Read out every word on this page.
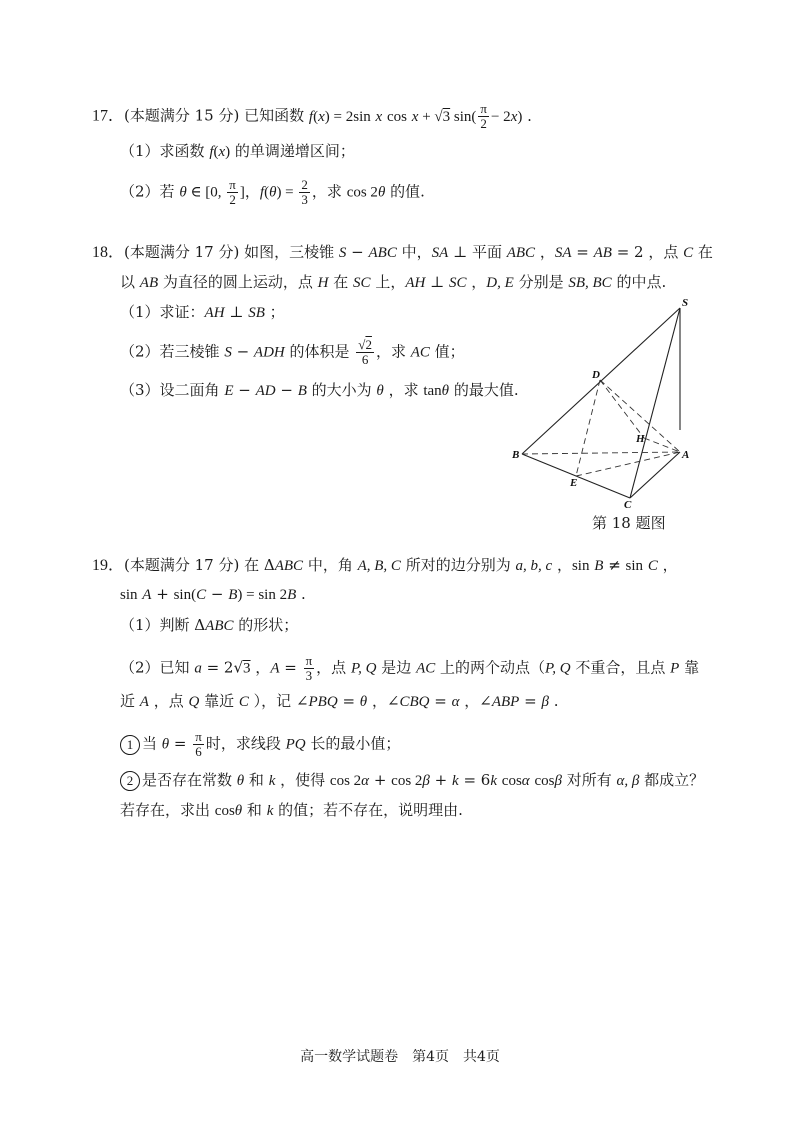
17．(本题满分 15 分) 已知函数 f(x) = 2sin x cos x + √3 $\sin( \frac{\pi}{2} - 2x)$ .
（1）求函数 f(x) 的单调递增区间；
（2）若 θ ∈ [0, $\frac{\pi}{2}$ ]，$f(\theta) = \frac{2}{3}$ ，求 cos 2θ 的值.
18．(本题满分 17 分) 如图，三棱锥 S − ABC 中，SA ⊥ 平面 ABC ，SA = AB = 2 ，点 C 在
以 AB 为直径的圆上运动，点 H 在 SC 上，AH ⊥ SC ，D, E 分别是 SB, BC 的中点.
（1）求证：AH ⊥ SB ；
（2）若三棱锥 S − ADH 的体积是 $\frac{√2}{6}$ ，求 AC 值；
（3）设二面角 E − AD − B 的大小为 θ ，求 tanθ 的最大值.
S
D
H
B	A
E
C
第 18 题图
19．(本题满分 17 分) 在 ΔABC 中，角 A, B, C 所对的边分别为 a, b, c ，sin B ≠ sin C ，
sin A + sin(C − B) = sin 2B .
（1）判断 ΔABC 的形状；
（2）已知 a = 2√3 ，$A = \frac{\pi}{3}$ ，点 P, Q 是边 AC 上的两个动点（P, Q 不重合，且点 P 靠
近 A ，点 Q 靠近 C ），记 ∠PBQ = θ ，∠CBQ = α ，∠ABP = β .
1 当 $\theta = \frac{\pi}{6}$ 时，求线段 PQ 长的最小值；
2 是否存在常数 θ 和 k ，使得 cos 2α + cos 2β + k = 6k cosα cosβ 对所有 α, β 都成立？
若存在，求出 cosθ 和 k 的值；若不存在，说明理由.
高一数学试题卷　第4页　共4页
